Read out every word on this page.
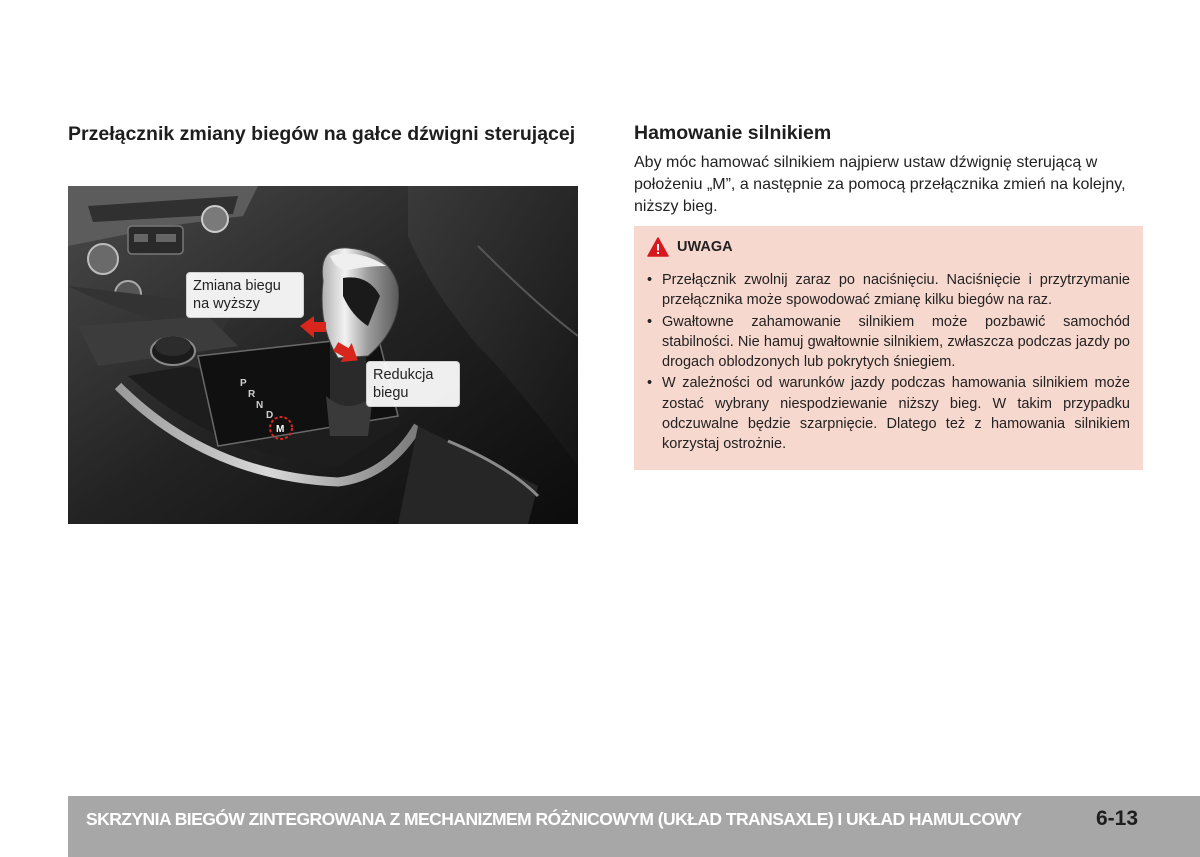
Przełącznik zmiany biegów na gałce dźwigni sterującej
P
R
N
D
M
Zmiana biegu
na wyższy
Redukcja
biegu
Hamowanie silnikiem

Aby móc hamować silnikiem najpierw ustaw dźwignię sterującą w położeniu „M”, a następnie za pomocą przełącznika zmień na kolejny, niższy bieg.

UWAGA
• Przełącznik zwolnij zaraz po naciśnięciu. Naciśnięcie i przytrzymanie przełącznika może spowodować zmianę kilku biegów na raz.
• Gwałtowne zahamowanie silnikiem może pozbawić samochód stabilności. Nie hamuj gwałtownie silnikiem, zwłaszcza podczas jazdy po drogach oblodzonych lub pokrytych śniegiem.
• W zależności od warunków jazdy podczas hamowania silnikiem może zostać wybrany niespodziewanie niższy bieg. W takim przypadku odczuwalne będzie szarpnięcie. Dlatego też z hamowania silnikiem korzystaj ostrożnie.
SKRZYNIA BIEGÓW ZINTEGROWANA Z MECHANIZMEM RÓŻNICOWYM (UKŁAD TRANSAXLE) I UKŁAD HAMULCOWY	6-13
